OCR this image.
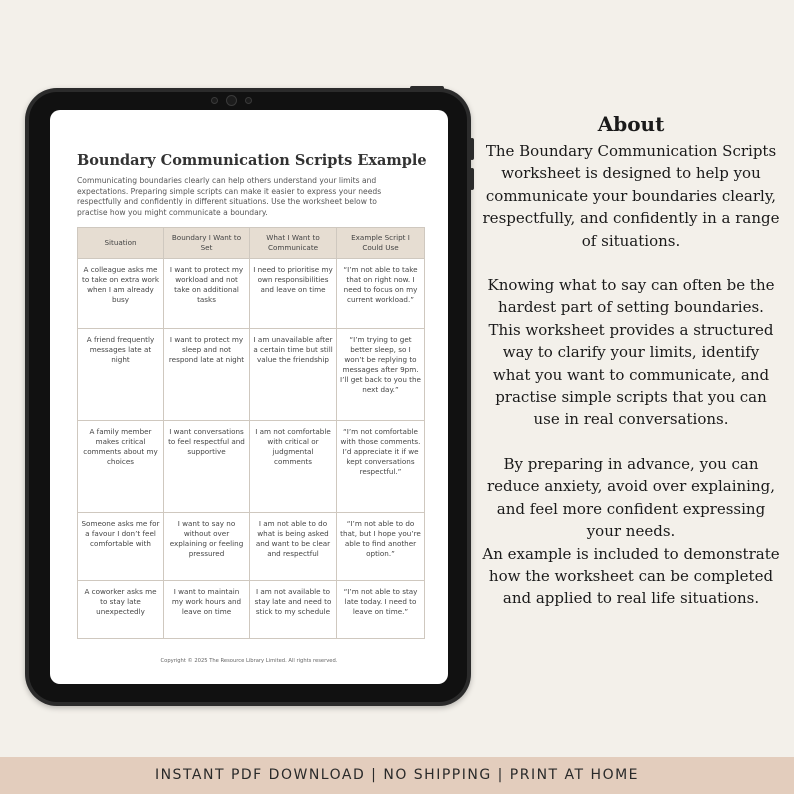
Boundary Communication Scripts Example
Communicating boundaries clearly can help others understand your limits and expectations. Preparing simple scripts can make it easier to express your needs respectfully and confidently in different situations. Use the worksheet below to practise how you might communicate a boundary.
Situation	Boundary I Want to Set	What I Want to Communicate	Example Script I Could Use
A colleague asks me to take on extra work when I am already busy	I want to protect my workload and not take on additional tasks	I need to prioritise my own responsibilities and leave on time	“I’m not able to take that on right now. I need to focus on my current workload.”
A friend frequently messages late at night	I want to protect my sleep and not respond late at night	I am unavailable after a certain time but still value the friendship	“I’m trying to get better sleep, so I won’t be replying to messages after 9pm. I’ll get back to you the next day.”
A family member makes critical comments about my choices	I want conversations to feel respectful and supportive	I am not comfortable with critical or judgmental comments	“I’m not comfortable with those comments. I’d appreciate it if we kept conversations respectful.”
Someone asks me for a favour I don’t feel comfortable with	I want to say no without over explaining or feeling pressured	I am not able to do what is being asked and want to be clear and respectful	“I’m not able to do that, but I hope you’re able to find another option.”
A coworker asks me to stay late unexpectedly	I want to maintain my work hours and leave on time	I am not available to stay late and need to stick to my schedule	“I’m not able to stay late today. I need to leave on time.”
Copyright © 2025 The Resource Library Limited. All rights reserved.
About
The Boundary Communication Scripts worksheet is designed to help you communicate your boundaries clearly, respectfully, and confidently in a range of situations.
Knowing what to say can often be the hardest part of setting boundaries. This worksheet provides a structured way to clarify your limits, identify what you want to communicate, and practise simple scripts that you can use in real conversations.
By preparing in advance, you can reduce anxiety, avoid over explaining, and feel more confident expressing your needs.
An example is included to demonstrate how the worksheet can be completed and applied to real life situations.
INSTANT PDF DOWNLOAD | NO SHIPPING | PRINT AT HOME
